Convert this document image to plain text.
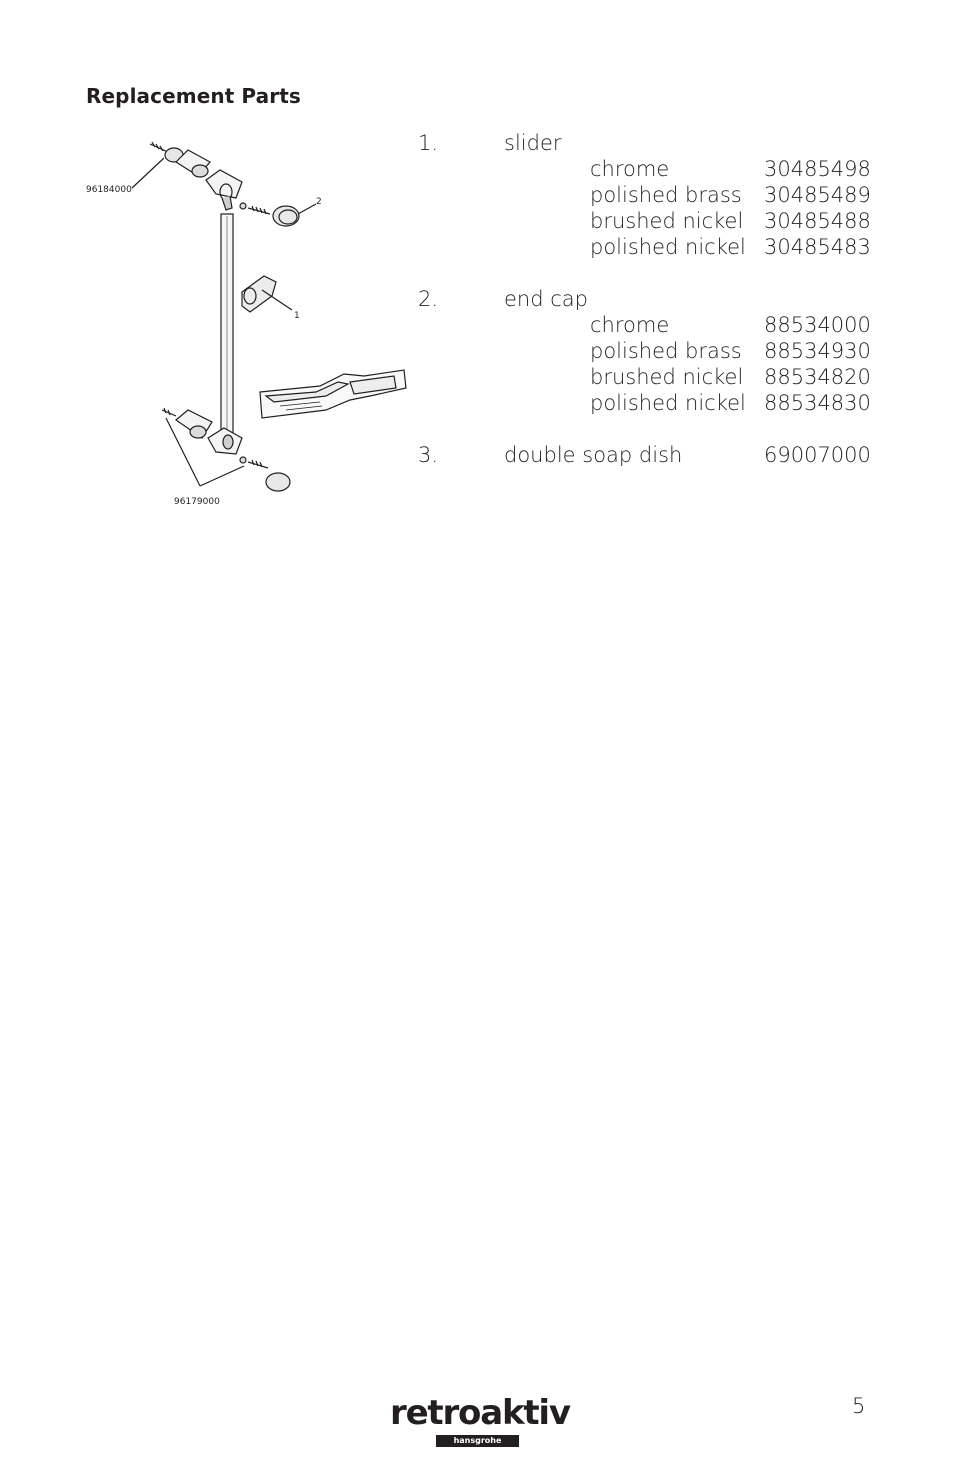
Replacement Parts
96184000
2
1
96179000
1.	slider
chrome	30485498
polished brass 30485489
brushed nickel 30485488
polished nickel 30485483
2.	end cap
chrome	88534000
polished brass 88534930
brushed nickel 88534820
polished nickel 88534830
3.	double soap dish	69007000
retroaktiv
hansgrohe
5
